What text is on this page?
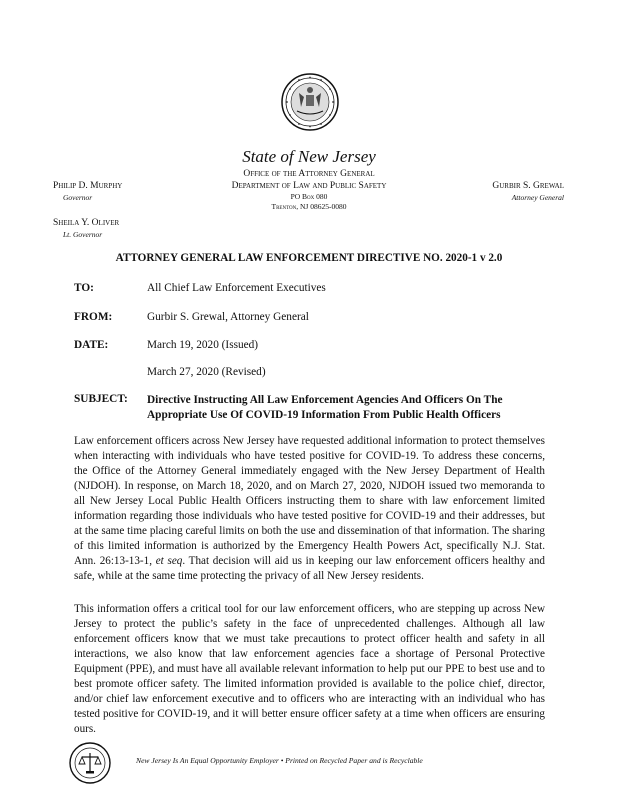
State of New Jersey
Office of the Attorney General
Department of Law and Public Safety
PO Box 080
Trenton, NJ 08625-0080
Philip D. Murphy
Governor
Sheila Y. Oliver
Lt. Governor
Gurbir S. Grewal
Attorney General
ATTORNEY GENERAL LAW ENFORCEMENT DIRECTIVE NO. 2020-1 v 2.0
TO:	All Chief Law Enforcement Executives
FROM:	Gurbir S. Grewal, Attorney General
DATE:	March 19, 2020 (Issued)
March 27, 2020 (Revised)
SUBJECT: Directive Instructing All Law Enforcement Agencies And Officers On The Appropriate Use Of COVID-19 Information From Public Health Officers
Law enforcement officers across New Jersey have requested additional information to protect themselves when interacting with individuals who have tested positive for COVID-19. To address these concerns, the Office of the Attorney General immediately engaged with the New Jersey Department of Health (NJDOH). In response, on March 18, 2020, and on March 27, 2020, NJDOH issued two memoranda to all New Jersey Local Public Health Officers instructing them to share with law enforcement limited information regarding those individuals who have tested positive for COVID-19 and their addresses, but at the same time placing careful limits on both the use and dissemination of that information. The sharing of this limited information is authorized by the Emergency Health Powers Act, specifically N.J. Stat. Ann. 26:13-13-1, et seq. That decision will aid us in keeping our law enforcement officers healthy and safe, while at the same time protecting the privacy of all New Jersey residents.
This information offers a critical tool for our law enforcement officers, who are stepping up across New Jersey to protect the public’s safety in the face of unprecedented challenges. Although all law enforcement officers know that we must take precautions to protect officer health and safety in all interactions, we also know that law enforcement agencies face a shortage of Personal Protective Equipment (PPE), and must have all available relevant information to help put our PPE to best use and to best promote officer safety. The limited information provided is available to the police chief, director, and/or chief law enforcement executive and to officers who are interacting with an individual who has tested positive for COVID-19, and it will better ensure officer safety at a time when officers are ensuring ours.
New Jersey Is An Equal Opportunity Employer • Printed on Recycled Paper and is Recyclable
